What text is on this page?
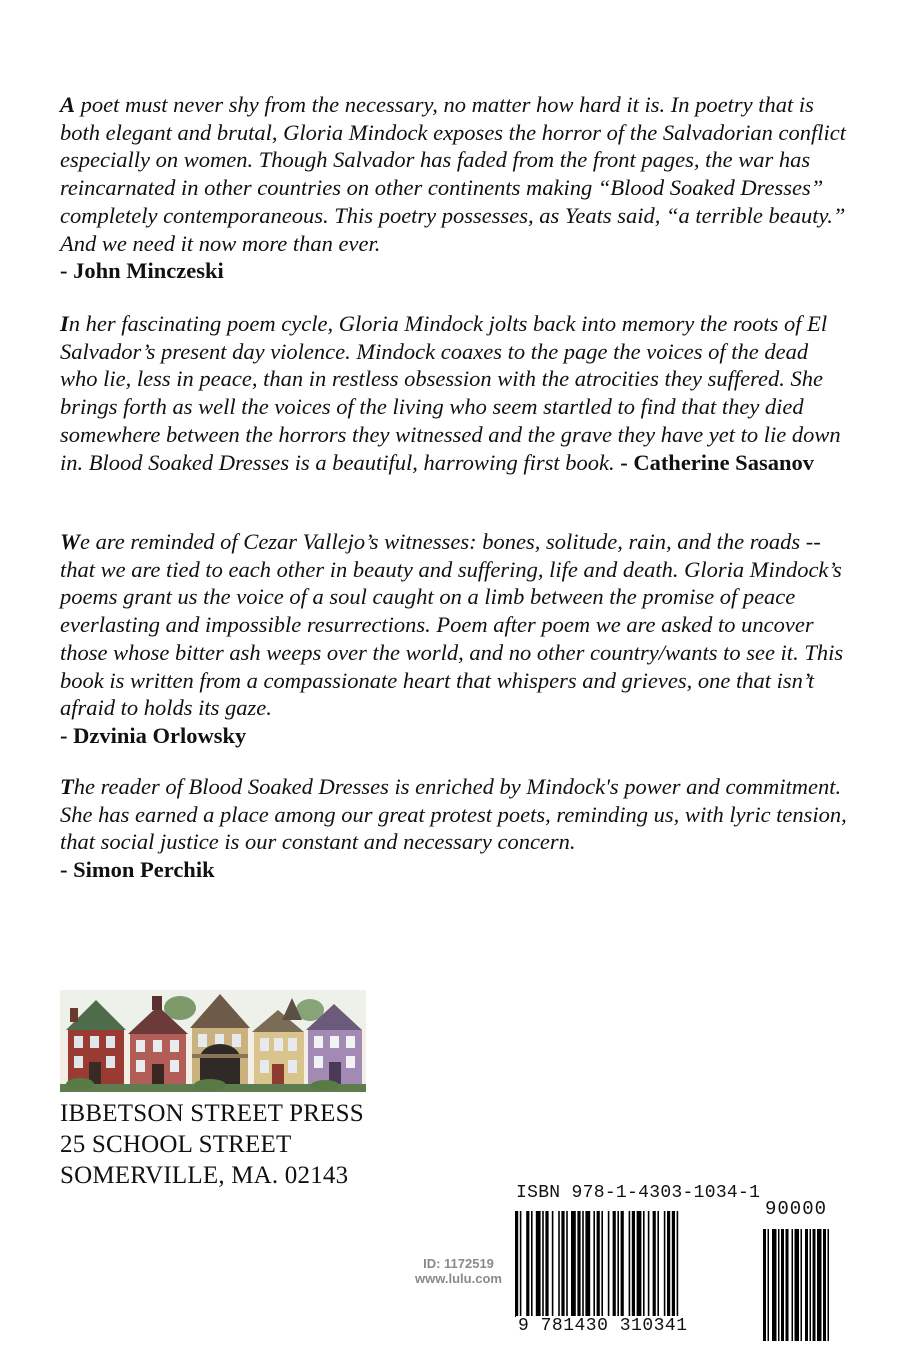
A poet must never shy from the necessary, no matter how hard it is. In poetry that is both elegant and brutal, Gloria Mindock exposes the horror of the Salvadorian conflict especially on women. Though Salvador has faded from the front pages, the war has reincarnated in other countries on other continents making “Blood Soaked Dresses” completely contemporaneous. This poetry possesses, as Yeats said, “a terrible beauty.” And we need it now more than ever.
- John Minczeski
In her fascinating poem cycle, Gloria Mindock jolts back into memory the roots of El Salvador’s present day violence. Mindock coaxes to the page the voices of the dead who lie, less in peace, than in restless obsession with the atrocities they suffered. She brings forth as well the voices of the living who seem startled to find that they died somewhere between the horrors they witnessed and the grave they have yet to lie down in. Blood Soaked Dresses is a beautiful, harrowing first book. - Catherine Sasanov
We are reminded of Cezar Vallejo’s witnesses: bones, solitude, rain, and the roads -- that we are tied to each other in beauty and suffering, life and death. Gloria Mindock’s poems grant us the voice of a soul caught on a limb between the promise of peace everlasting and impossible resurrections. Poem after poem we are asked to uncover those whose bitter ash weeps over the world, and no other country/wants to see it. This book is written from a compassionate heart that whispers and grieves, one that isn’t afraid to holds its gaze.
- Dzvinia Orlowsky
The reader of Blood Soaked Dresses is enriched by Mindock's power and commitment. She has earned a place among our great protest poets, reminding us, with lyric tension, that social justice is our constant and necessary concern.
- Simon Perchik
IBBETSON STREET PRESS
25 SCHOOL STREET
SOMERVILLE, MA. 02143
ID: 1172519
www.lulu.com
ISBN 978-1-4303-1034-1
90000
9 781430 310341
